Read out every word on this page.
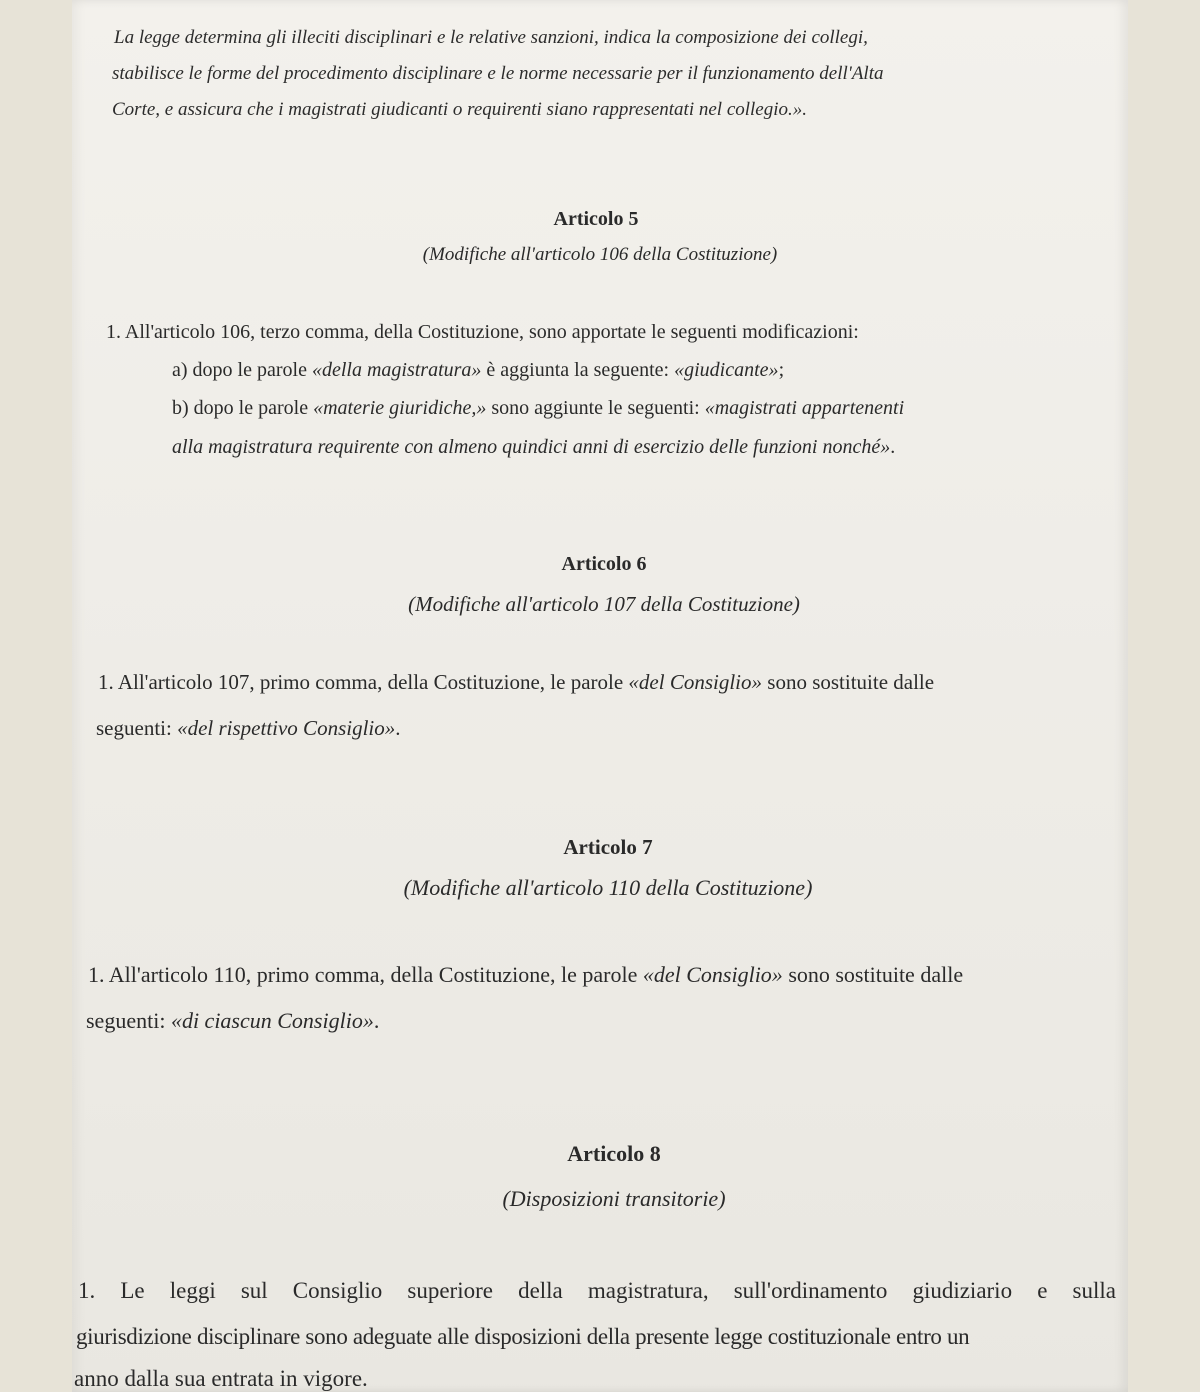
La legge determina gli illeciti disciplinari e le relative sanzioni, indica la composizione dei collegi,

stabilisce le forme del procedimento disciplinare e le norme necessarie per il funzionamento dell'Alta

Corte, e assicura che i magistrati giudicanti o requirenti siano rappresentati nel collegio.».

Articolo 5

(Modifiche all'articolo 106 della Costituzione)

1. All'articolo 106, terzo comma, della Costituzione, sono apportate le seguenti modificazioni:

a) dopo le parole «della magistratura» è aggiunta la seguente: «giudicante»;

b) dopo le parole «materie giuridiche,» sono aggiunte le seguenti: «magistrati appartenenti

alla magistratura requirente con almeno quindici anni di esercizio delle funzioni nonché».

Articolo 6

(Modifiche all'articolo 107 della Costituzione)

1. All'articolo 107, primo comma, della Costituzione, le parole «del Consiglio» sono sostituite dalle

seguenti: «del rispettivo Consiglio».

Articolo 7

(Modifiche all'articolo 110 della Costituzione)

1. All'articolo 110, primo comma, della Costituzione, le parole «del Consiglio» sono sostituite dalle

seguenti: «di ciascun Consiglio».

Articolo 8

(Disposizioni transitorie)

1. Le leggi sul Consiglio superiore della magistratura, sull'ordinamento giudiziario e sulla

giurisdizione disciplinare sono adeguate alle disposizioni della presente legge costituzionale entro un

anno dalla sua entrata in vigore.
